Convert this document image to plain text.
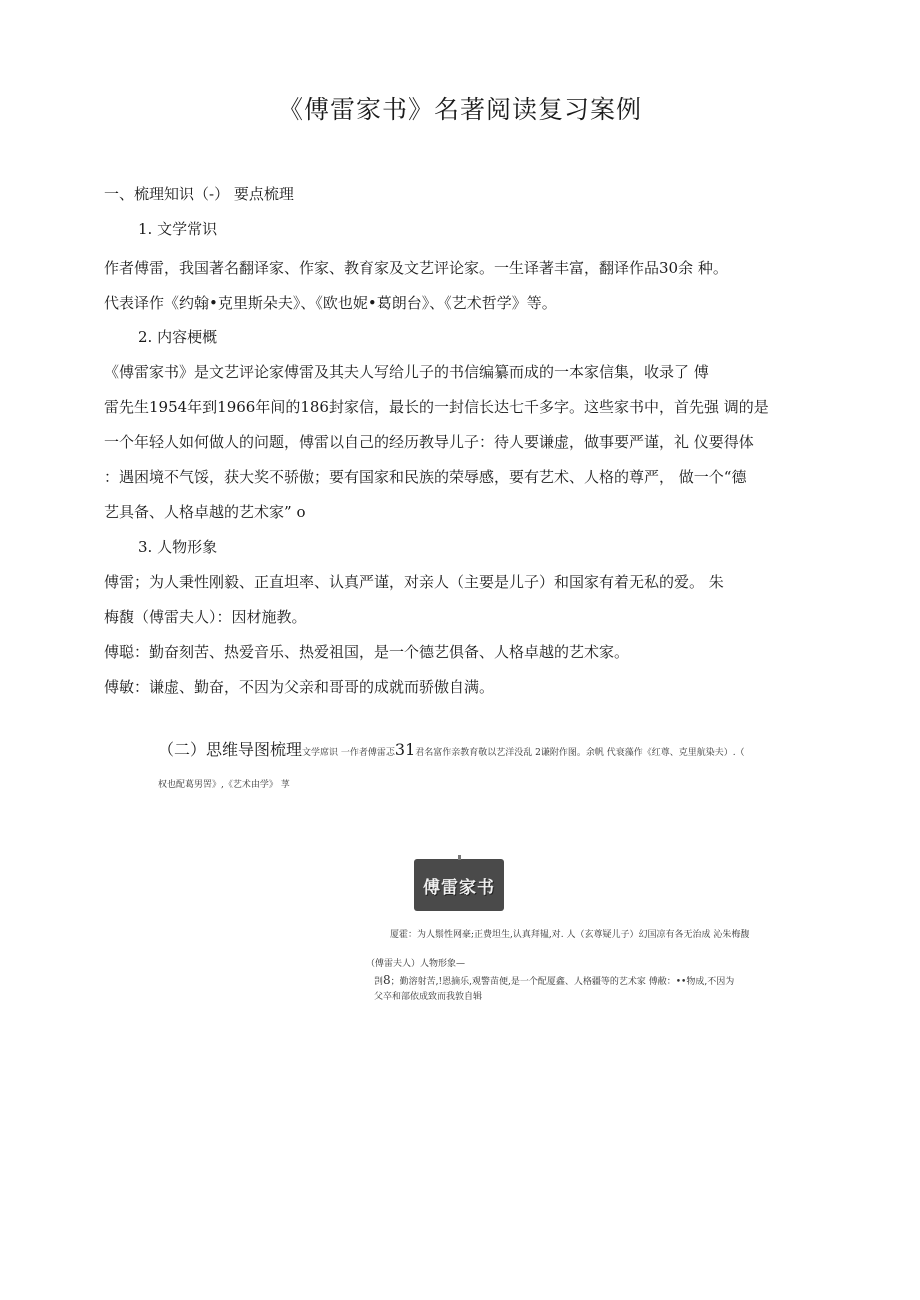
《傅雷家书》名著阅读复习案例
一、梳理知识（-） 要点梳理
1. 文学常识
作者傅雷，我国著名翻译家、作家、教育家及文艺评论家。一生译著丰富，翻译作品30余 种。
代表译作《约翰•克里斯朵夫》、《欧也妮•葛朗台》、《艺术哲学》等。
2. 内容梗概
《傅雷家书》是文艺评论家傅雷及其夫人写给儿子的书信编纂而成的一本家信集，收录了 傅
雷先生1954年到1966年间的186封家信，最长的一封信长达七千多字。这些家书中，首先强 调的是
一个年轻人如何做人的问题，傅雷以自己的经历教导儿子：待人要谦虚，做事要严谨，礼 仪要得体
：遇困境不气馁，获大奖不骄傲；要有国家和民族的荣辱感，要有艺术、人格的尊严， 做一个“德
艺具备、人格卓越的艺术家” o
3. 人物形象
傅雷；为人秉性刚毅、正直坦率、认真严谨，对亲人（主要是儿子）和国家有着无私的爱。 朱
梅馥（傅雷夫人）：因材施教。
傅聪：勤奋刻苦、热爱音乐、热爱祖国，是一个德艺俱备、人格卓越的艺术家。
傅敏：谦虚、勤奋，不因为父亲和哥哥的成就而骄傲自满。
（二）思维导图梳理文学席识 一作者傅雷忑31君名富作亲教育敬以艺洋没乱 2谦附作图。余帆 代衰藻作《红尊、克里航染夫）.（
权也配葛男罟》,《艺术由学》 莩
傅雷家书
厦霍：为人鬃性网豪;正费坦生,认真拜韫,对. 人（玄尊疑儿子）幻国凉有各无治成 沁朱梅馥
（傅雷夫人）人物形象—
剀8；勤溶射苦,!恩摘乐,观警苗便,是一个配厦鑫、人格疆等的艺术家 傅敝：••物成,不因为
父卒和部依成致而我敦自辑
